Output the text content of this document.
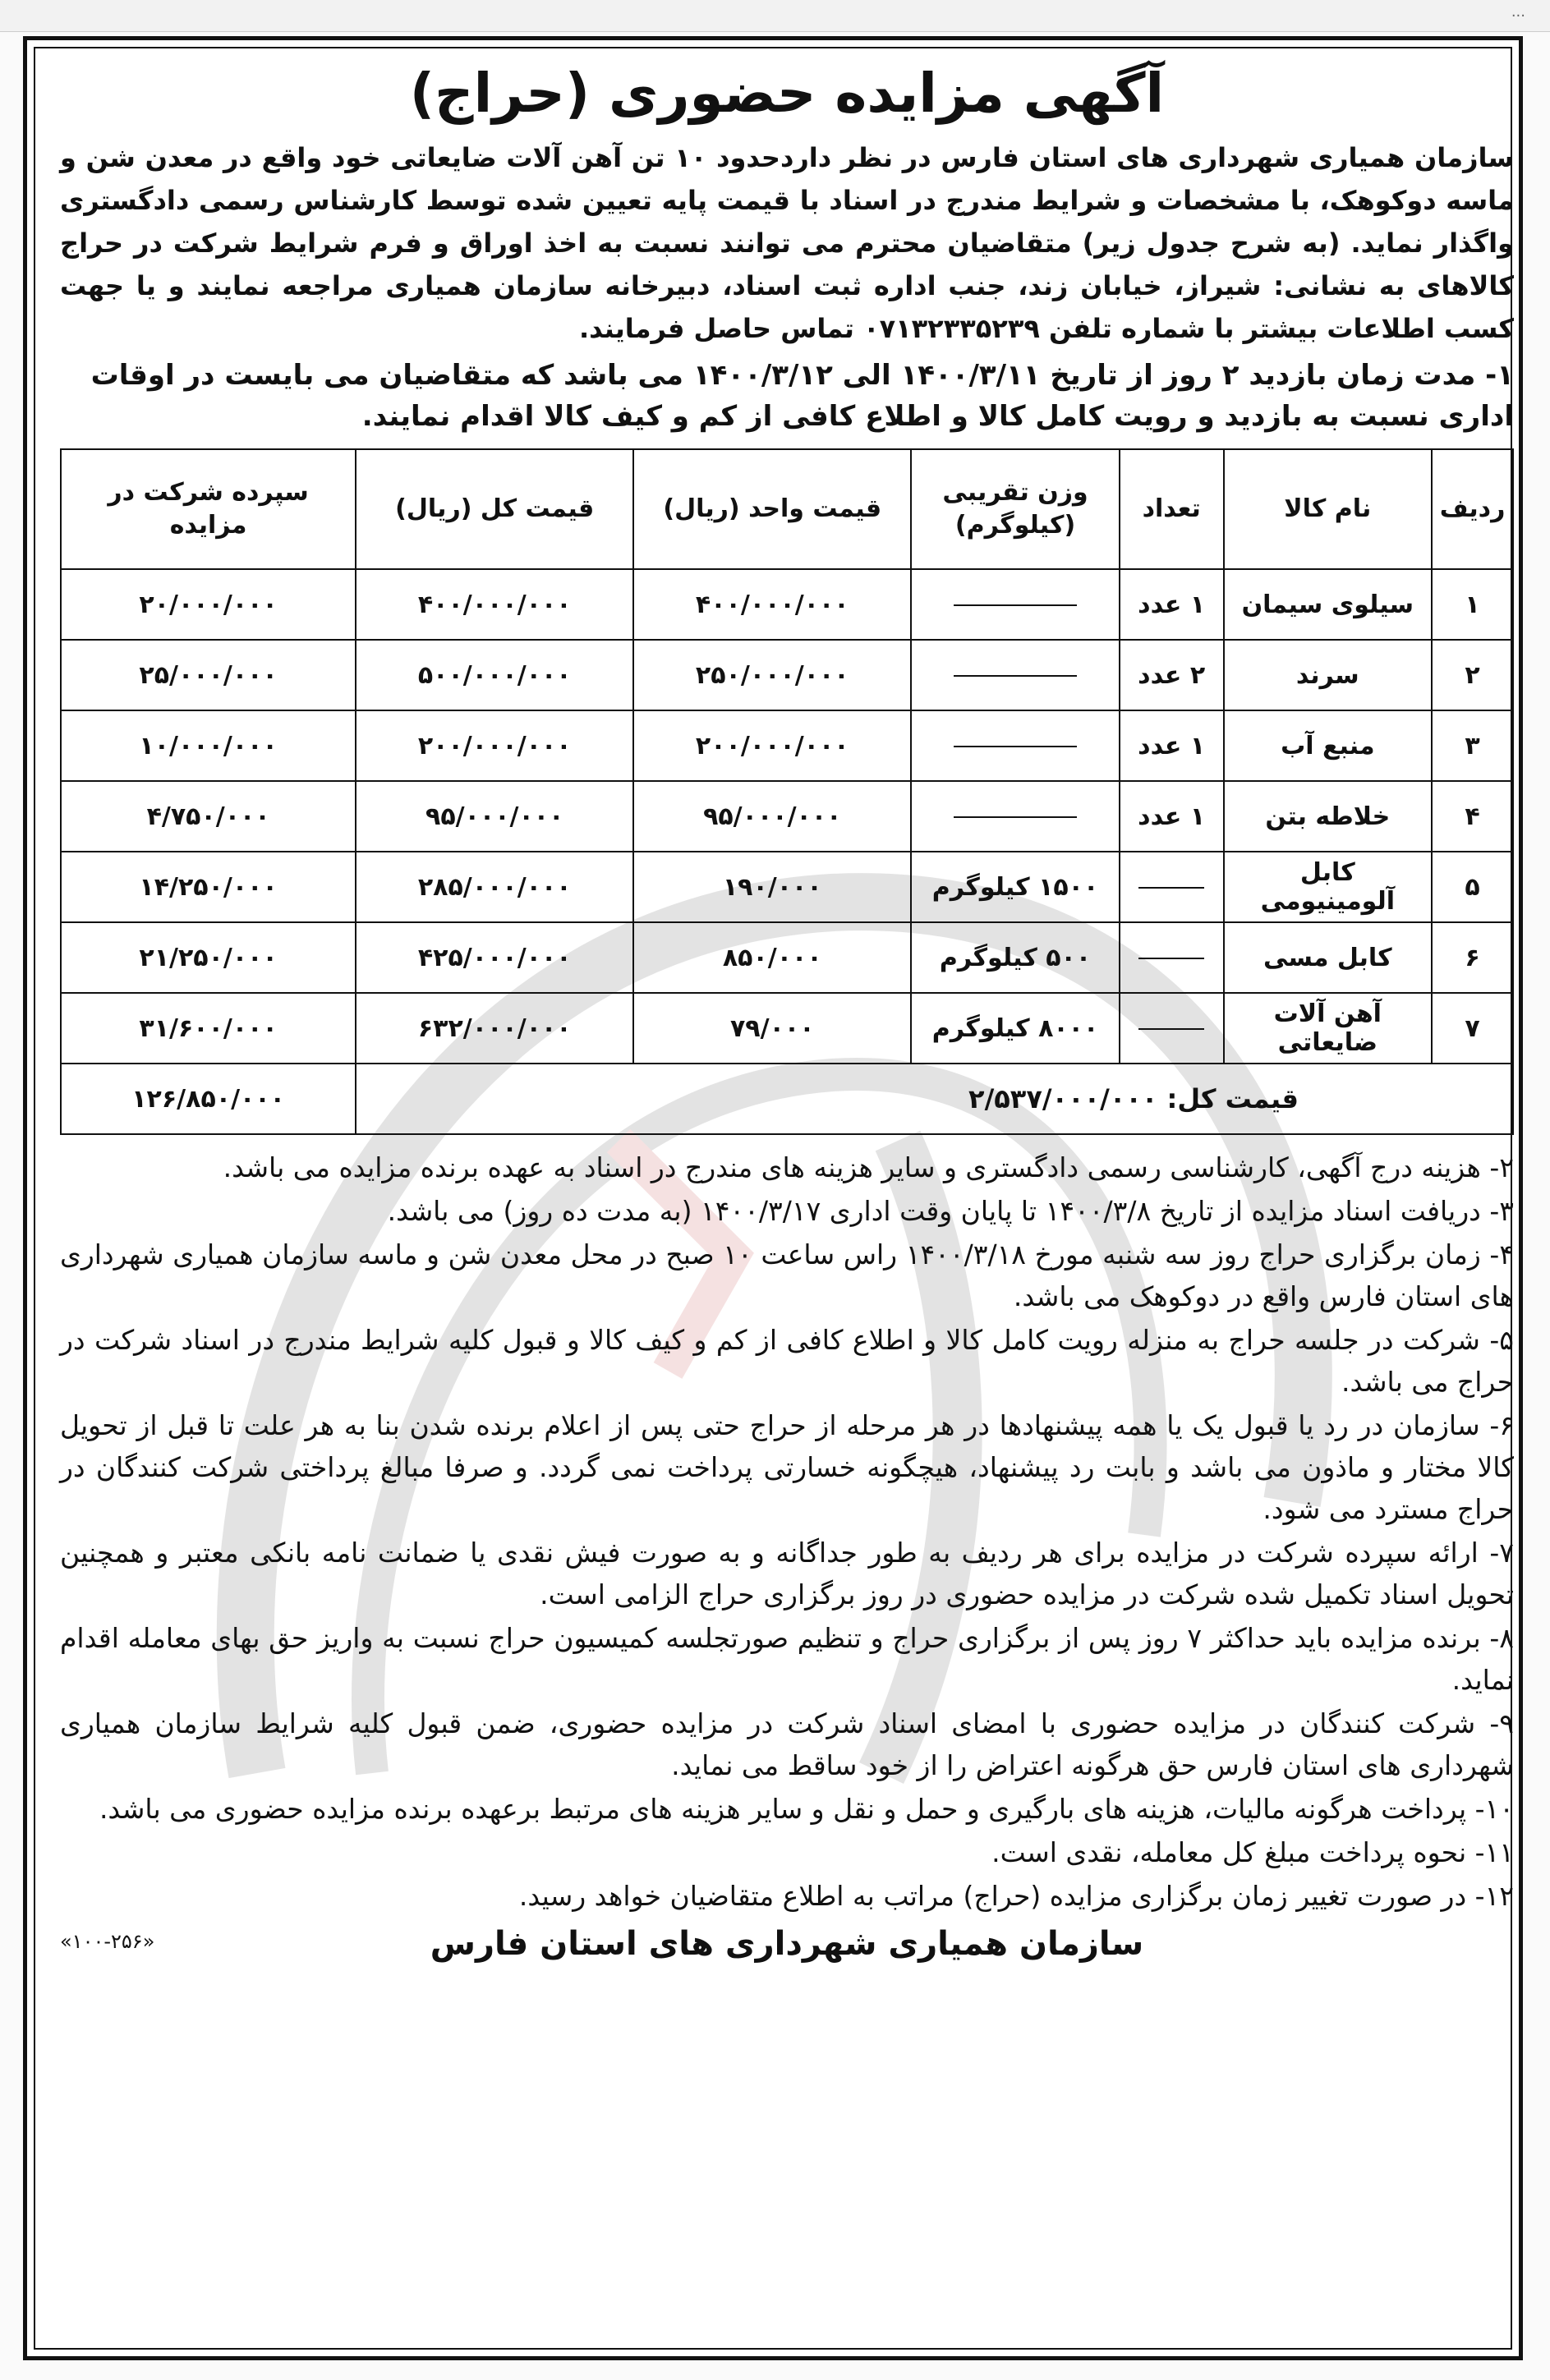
...
آگهی مزایده حضوری (حراج)

سازمان همیاری شهرداری های استان فارس در نظر داردحدود ۱۰ تن آهن آلات ضایعاتی خود واقع در معدن شن و ماسه دوکوهک، با مشخصات و شرایط مندرج در اسناد با قیمت پایه تعیین شده توسط کارشناس رسمی دادگستری واگذار نماید. (به شرح جدول زیر) متقاضیان محترم می توانند نسبت به اخذ اوراق و فرم شرایط شرکت در حراج کالاهای به نشانی: شیراز، خیابان زند، جنب اداره ثبت اسناد، دبیرخانه سازمان همیاری مراجعه نمایند و یا جهت کسب اطلاعات بیشتر با شماره تلفن ۰۷۱۳۲۳۳۵۲۳۹ تماس حاصل فرمایند.

۱- مدت زمان بازدید ۲ روز از تاریخ ۱۴۰۰/۳/۱۱ الی ۱۴۰۰/۳/۱۲ می باشد که متقاضیان می بایست در اوقات اداری نسبت به بازدید و رویت کامل کالا و اطلاع کافی از کم و کیف کالا اقدام نمایند.
ردیف	نام کالا	تعداد	وزن تقریبی (کیلوگرم)	قیمت واحد (ریال)	قیمت کل (ریال)	سپرده شرکت در مزایده
۱	سیلوی سیمان	۱ عدد		۴۰۰/۰۰۰/۰۰۰	۴۰۰/۰۰۰/۰۰۰	۲۰/۰۰۰/۰۰۰
۲	سرند	۲ عدد		۲۵۰/۰۰۰/۰۰۰	۵۰۰/۰۰۰/۰۰۰	۲۵/۰۰۰/۰۰۰
۳	منبع آب	۱ عدد		۲۰۰/۰۰۰/۰۰۰	۲۰۰/۰۰۰/۰۰۰	۱۰/۰۰۰/۰۰۰
۴	خلاطه بتن	۱ عدد		۹۵/۰۰۰/۰۰۰	۹۵/۰۰۰/۰۰۰	۴/۷۵۰/۰۰۰
۵	کابل آلومینیومی		۱۵۰۰ کیلوگرم	۱۹۰/۰۰۰	۲۸۵/۰۰۰/۰۰۰	۱۴/۲۵۰/۰۰۰
۶	کابل مسی		۵۰۰ کیلوگرم	۸۵۰/۰۰۰	۴۲۵/۰۰۰/۰۰۰	۲۱/۲۵۰/۰۰۰
۷	آهن آلات ضایعاتی		۸۰۰۰ کیلوگرم	۷۹/۰۰۰	۶۳۲/۰۰۰/۰۰۰	۳۱/۶۰۰/۰۰۰
قیمت کل: ۲/۵۳۷/۰۰۰/۰۰۰						۱۲۶/۸۵۰/۰۰۰

۲- هزینه درج آگهی، کارشناسی رسمی دادگستری و سایر هزینه های مندرج در اسناد به عهده برنده مزایده می باشد.

۳- دریافت اسناد مزایده از تاریخ ۱۴۰۰/۳/۸ تا پایان وقت اداری ۱۴۰۰/۳/۱۷ (به مدت ده روز) می باشد.

۴- زمان برگزاری حراج روز سه شنبه مورخ ۱۴۰۰/۳/۱۸ راس ساعت ۱۰ صبح در محل معدن شن و ماسه سازمان همیاری شهرداری های استان فارس واقع در دوکوهک می باشد.

۵- شرکت در جلسه حراج به منزله رویت کامل کالا و اطلاع کافی از کم و کیف کالا و قبول کلیه شرایط مندرج در اسناد شرکت در حراج می باشد.

۶- سازمان در رد یا قبول یک یا همه پیشنهادها در هر مرحله از حراج حتی پس از اعلام برنده شدن بنا به هر علت تا قبل از تحویل کالا مختار و ماذون می باشد و بابت رد پیشنهاد، هیچگونه خسارتی پرداخت نمی گردد. و صرفا مبالغ پرداختی شرکت کنندگان در حراج مسترد می شود.

۷- ارائه سپرده شرکت در مزایده برای هر ردیف به طور جداگانه و به صورت فیش نقدی یا ضمانت نامه بانکی معتبر و همچنین تحویل اسناد تکمیل شده شرکت در مزایده حضوری در روز برگزاری حراج الزامی است.

۸- برنده مزایده باید حداکثر ۷ روز پس از برگزاری حراج و تنظیم صورتجلسه کمیسیون حراج نسبت به واریز حق بهای معامله اقدام نماید.

۹- شرکت کنندگان در مزایده حضوری با امضای اسناد شرکت در مزایده حضوری، ضمن قبول کلیه شرایط سازمان همیاری شهرداری های استان فارس حق هرگونه اعتراض را از خود ساقط می نماید.

۱۰- پرداخت هرگونه مالیات، هزینه های بارگیری و حمل و نقل و سایر هزینه های مرتبط برعهده برنده مزایده حضوری می باشد.

۱۱- نحوه پرداخت مبلغ کل معامله، نقدی است.

۱۲- در صورت تغییر زمان برگزاری مزایده (حراج) مراتب به اطلاع متقاضیان خواهد رسید.

سازمان همیاری شهرداری های استان فارس
«۱۰۰-۲۵۶»
